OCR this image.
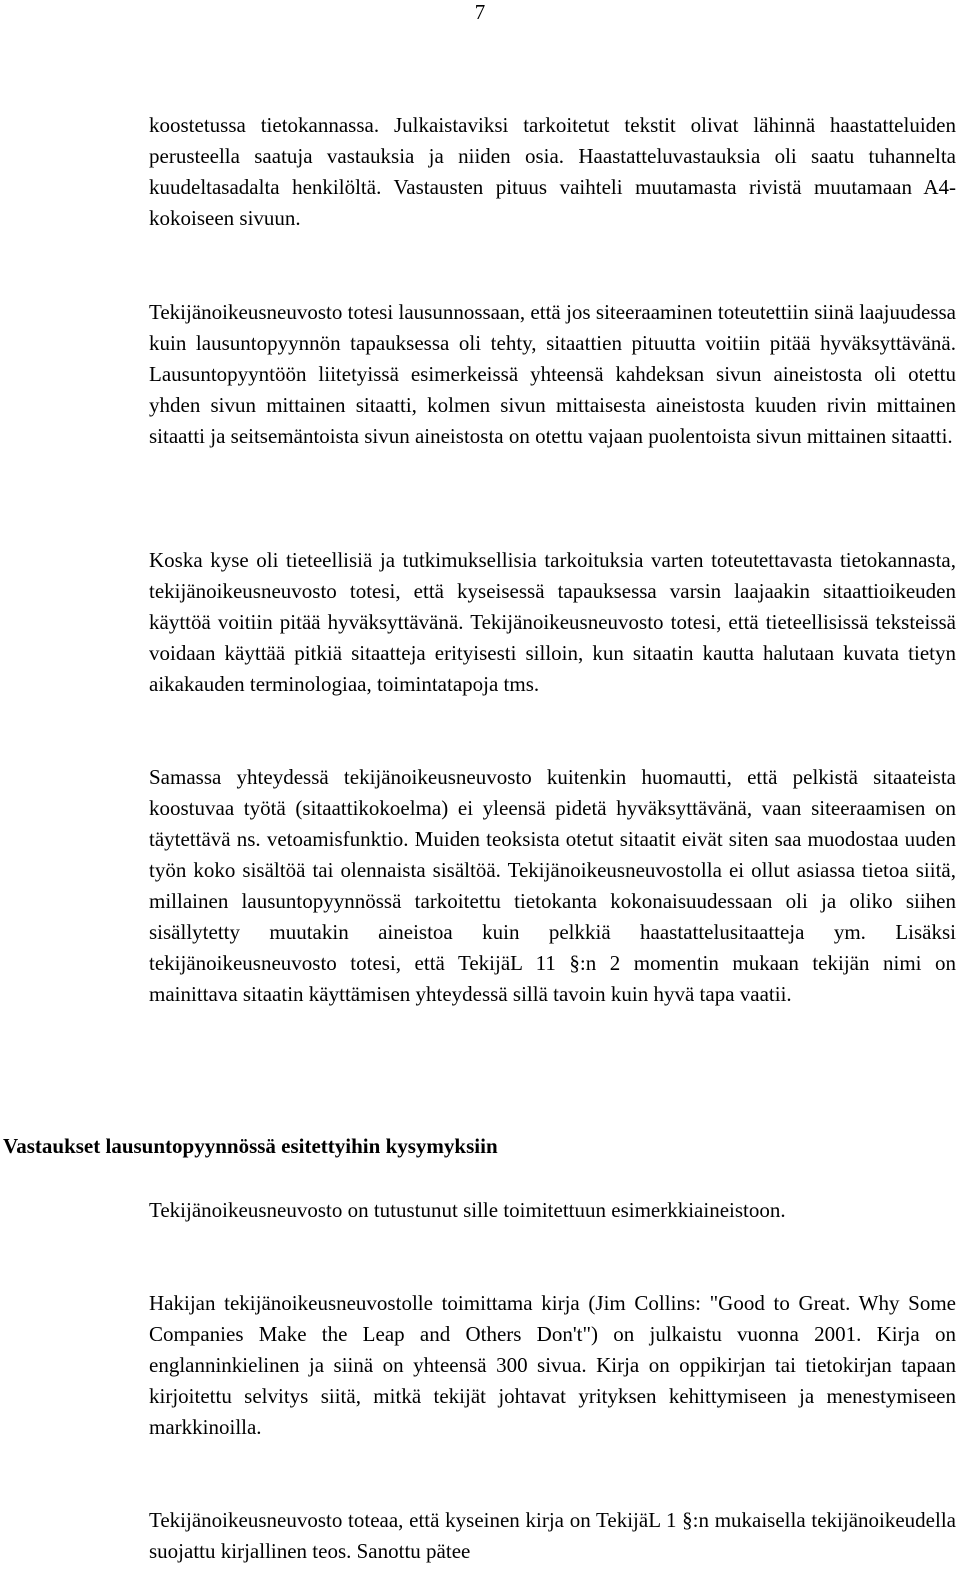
7

koostetussa tietokannassa. Julkaistaviksi tarkoitetut tekstit olivat lähinnä haastatteluiden perusteella saatuja vastauksia ja niiden osia. Haastatteluvastauksia oli saatu tuhannelta kuudeltasadalta henkilöltä. Vastausten pituus vaihteli muutamasta rivistä muutamaan A4-kokoiseen sivuun.

Tekijänoikeusneuvosto totesi lausunnossaan, että jos siteeraaminen toteutettiin siinä laajuudessa kuin lausuntopyynnön tapauksessa oli tehty, sitaattien pituutta voitiin pitää hyväksyttävänä. Lausuntopyyntöön liitetyissä esimerkeissä yhteensä kahdeksan sivun aineistosta oli otettu yhden sivun mittainen sitaatti, kolmen sivun mittaisesta aineistosta kuuden rivin mittainen sitaatti ja seitsemäntoista sivun aineistosta on otettu vajaan puolentoista sivun mittainen sitaatti.

Koska kyse oli tieteellisiä ja tutkimuksellisia tarkoituksia varten toteutettavasta tietokannasta, tekijänoikeusneuvosto totesi, että kyseisessä tapauksessa varsin laajaakin sitaattioikeuden käyttöä voitiin pitää hyväksyttävänä. Tekijänoikeusneuvosto totesi, että tieteellisissä teksteissä voidaan käyttää pitkiä sitaatteja erityisesti silloin, kun sitaatin kautta halutaan kuvata tietyn aikakauden terminologiaa, toimintatapoja tms.

Samassa yhteydessä tekijänoikeusneuvosto kuitenkin huomautti, että pelkistä sitaateista koostuvaa työtä (sitaattikokoelma) ei yleensä pidetä hyväksyttävänä, vaan siteeraamisen on täytettävä ns. vetoamisfunktio. Muiden teoksista otetut sitaatit eivät siten saa muodostaa uuden työn koko sisältöä tai olennaista sisältöä. Tekijänoikeusneuvostolla ei ollut asiassa tietoa siitä, millainen lausuntopyynnössä tarkoitettu tietokanta kokonaisuudessaan oli ja oliko siihen sisällytetty muutakin aineistoa kuin pelkkiä haastattelusitaatteja ym. Lisäksi tekijänoikeusneuvosto totesi, että TekijäL 11 §:n 2 momentin mukaan tekijän nimi on mainittava sitaatin käyttämisen yhteydessä sillä tavoin kuin hyvä tapa vaatii.

Vastaukset lausuntopyynnössä esitettyihin kysymyksiin

Tekijänoikeusneuvosto on tutustunut sille toimitettuun esimerkkiaineistoon.

Hakijan tekijänoikeusneuvostolle toimittama kirja (Jim Collins: "Good to Great. Why Some Companies Make the Leap and Others Don't") on julkaistu vuonna 2001. Kirja on englanninkielinen ja siinä on yhteensä 300 sivua. Kirja on oppikirjan tai tietokirjan tapaan kirjoitettu selvitys siitä, mitkä tekijät johtavat yrityksen kehittymiseen ja menestymiseen markkinoilla.

Tekijänoikeusneuvosto toteaa, että kyseinen kirja on TekijäL 1 §:n mukaisella tekijänoikeudella suojattu kirjallinen teos. Sanottu pätee
